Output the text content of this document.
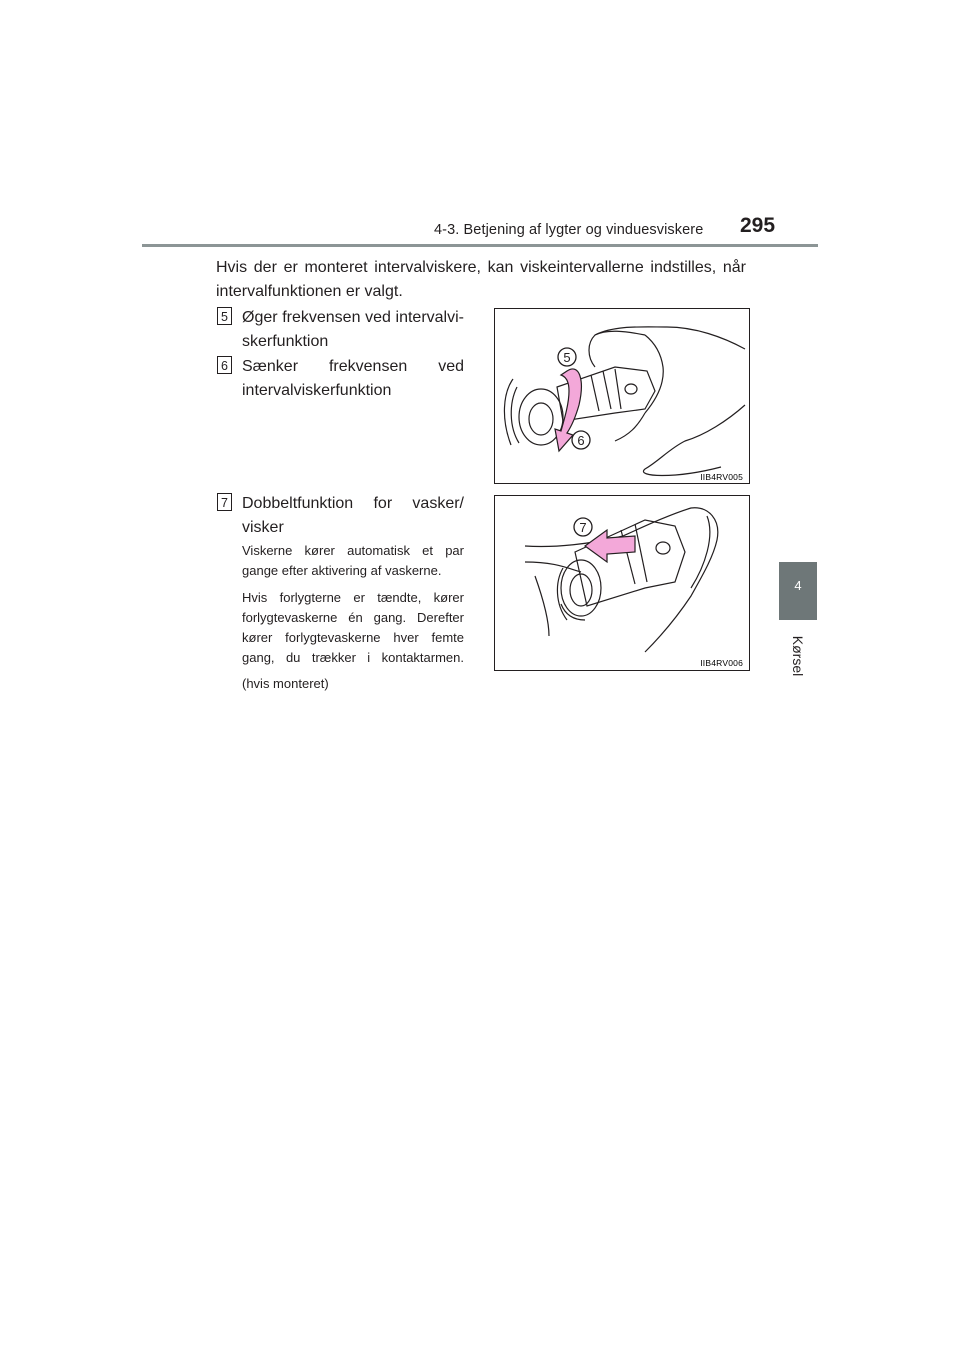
4-3. Betjening af lygter og vinduesviskere 295
4
Kørsel
Hvis der er monteret intervalviskere, kan viskeintervallerne indstilles, når intervalfunktionen er valgt.
5 Øger frekvensen ved intervalviskerfunktion
6 Sænker frekvensen ved intervalviskerfunktion
7 Dobbeltfunktion for vasker/ visker
Viskerne kører automatisk et par gange efter aktivering af vaskerne.
Hvis forlygterne er tændte, kører forlygtevaskerne én gang. Derefter kører forlygtevaskerne hver femte gang, du trækker i kontaktarmen.
(hvis monteret)
5
6
IIB4RV005
7
IIB4RV006
